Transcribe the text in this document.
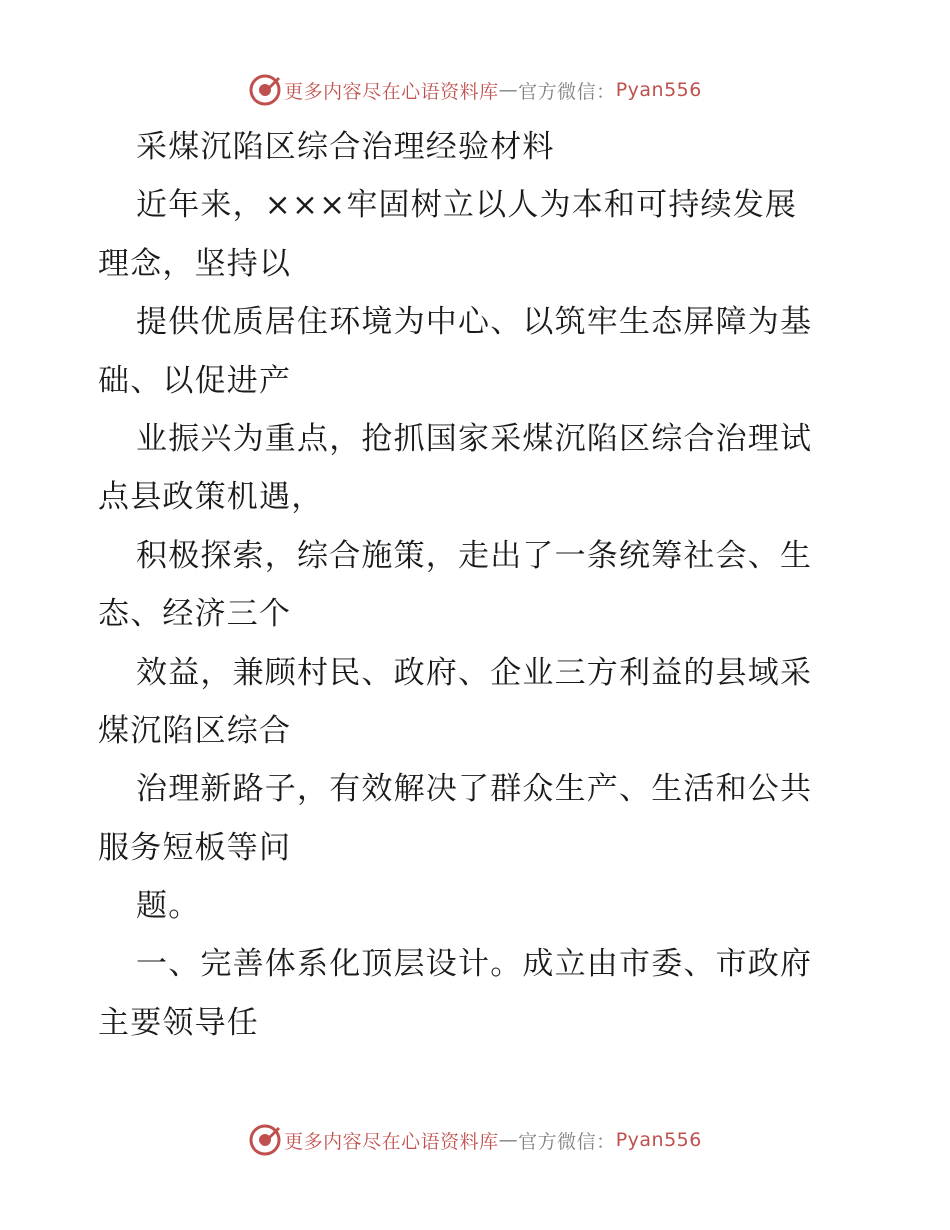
更多内容尽在心语资料库 — 官方微信： Pyan556
采煤沉陷区综合治理经验材料
近年来，×××牢固树立以人为本和可持续发展
理念，坚持以
提供优质居住环境为中心、以筑牢生态屏障为基
础、以促进产
业振兴为重点，抢抓国家采煤沉陷区综合治理试
点县政策机遇，
积极探索，综合施策，走出了一条统筹社会、生
态、经济三个
效益，兼顾村民、政府、企业三方利益的县域采
煤沉陷区综合
治理新路子，有效解决了群众生产、生活和公共
服务短板等问
题。
一、完善体系化顶层设计。成立由市委、市政府
主要领导任
更多内容尽在心语资料库 — 官方微信： Pyan556
